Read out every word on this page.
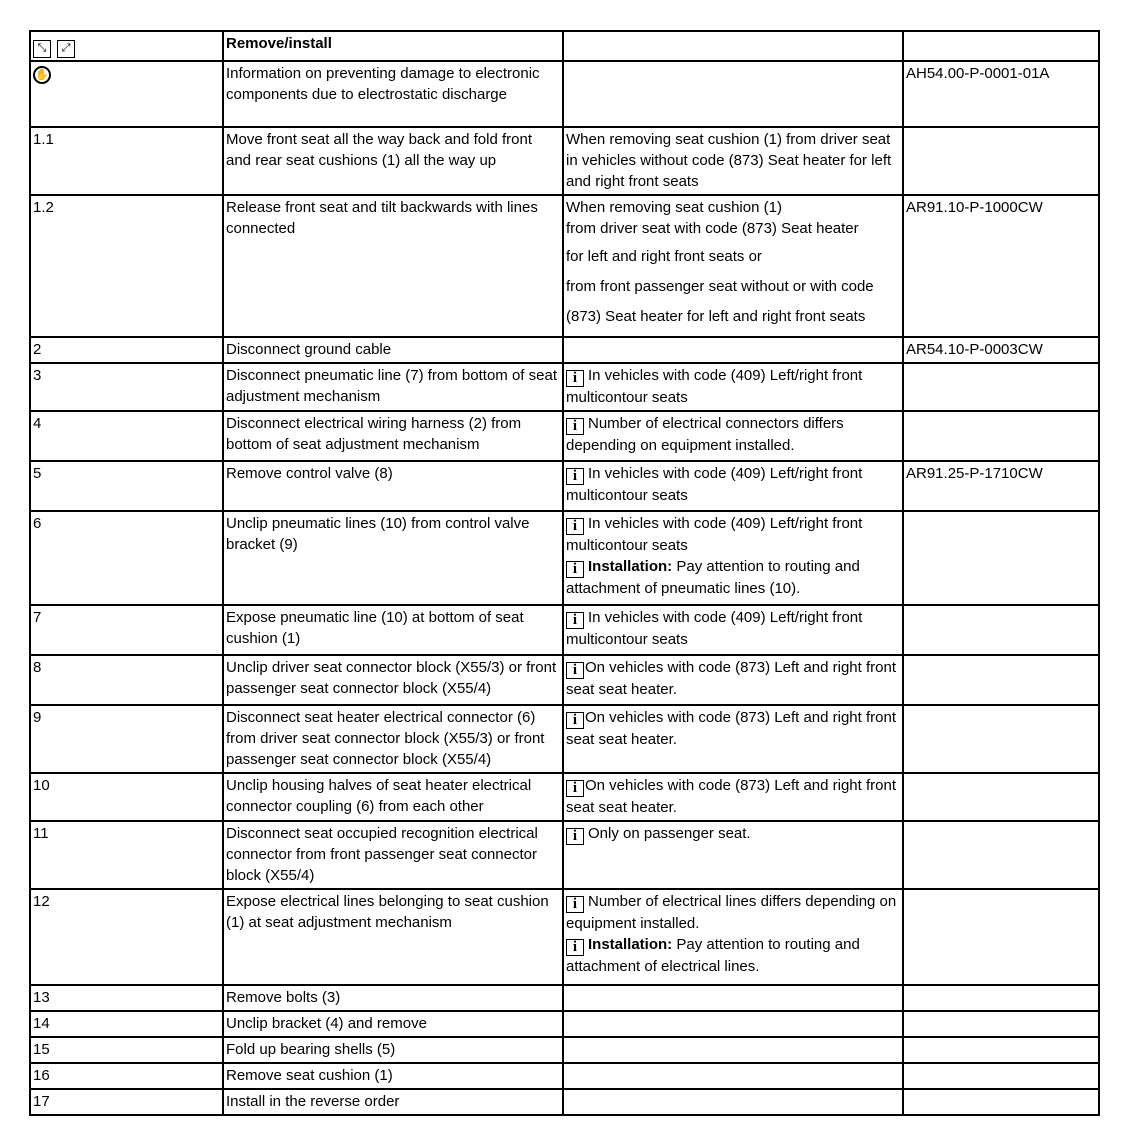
⤡ ⤢	Remove/install		
✋	Information on preventing damage to electronic components due to electrostatic discharge		AH54.00-P-0001-01A
1.1	Move front seat all the way back and fold front and rear seat cushions (1) all the way up	When removing seat cushion (1) from driver seat in vehicles without code (873) Seat heater for left and right front seats	
1.2	Release front seat and tilt backwards with lines connected	When removing seat cushion (1)
from driver seat with code (873) Seat heater
for left and right front seats or
from front passenger seat without or with code
(873) Seat heater for left and right front seats	AR91.10-P-1000CW
2	Disconnect ground cable		AR54.10-P-0003CW
3	Disconnect pneumatic line (7) from bottom of seat adjustment mechanism	i In vehicles with code (409) Left/right front multicontour seats	
4	Disconnect electrical wiring harness (2) from bottom of seat adjustment mechanism	i Number of electrical connectors differs depending on equipment installed.	
5	Remove control valve (8)	i In vehicles with code (409) Left/right front multicontour seats	AR91.25-P-1710CW
6	Unclip pneumatic lines (10) from control valve bracket (9)	i In vehicles with code (409) Left/right front multicontour seats
i Installation: Pay attention to routing and attachment of pneumatic lines (10).	
7	Expose pneumatic line (10) at bottom of seat cushion (1)	i In vehicles with code (409) Left/right front multicontour seats	
8	Unclip driver seat connector block (X55/3) or front passenger seat connector block (X55/4)	i On vehicles with code (873) Left and right front seat seat heater.	
9	Disconnect seat heater electrical connector (6) from driver seat connector block (X55/3) or front passenger seat connector block (X55/4)	i On vehicles with code (873) Left and right front seat seat heater.	
10	Unclip housing halves of seat heater electrical connector coupling (6) from each other	i On vehicles with code (873) Left and right front seat seat heater.	
11	Disconnect seat occupied recognition electrical connector from front passenger seat connector block (X55/4)	i Only on passenger seat.	
12	Expose electrical lines belonging to seat cushion (1) at seat adjustment mechanism	i Number of electrical lines differs depending on equipment installed.
i Installation: Pay attention to routing and attachment of electrical lines.	
13	Remove bolts (3)		
14	Unclip bracket (4) and remove		
15	Fold up bearing shells (5)		
16	Remove seat cushion (1)		
17	Install in the reverse order		
